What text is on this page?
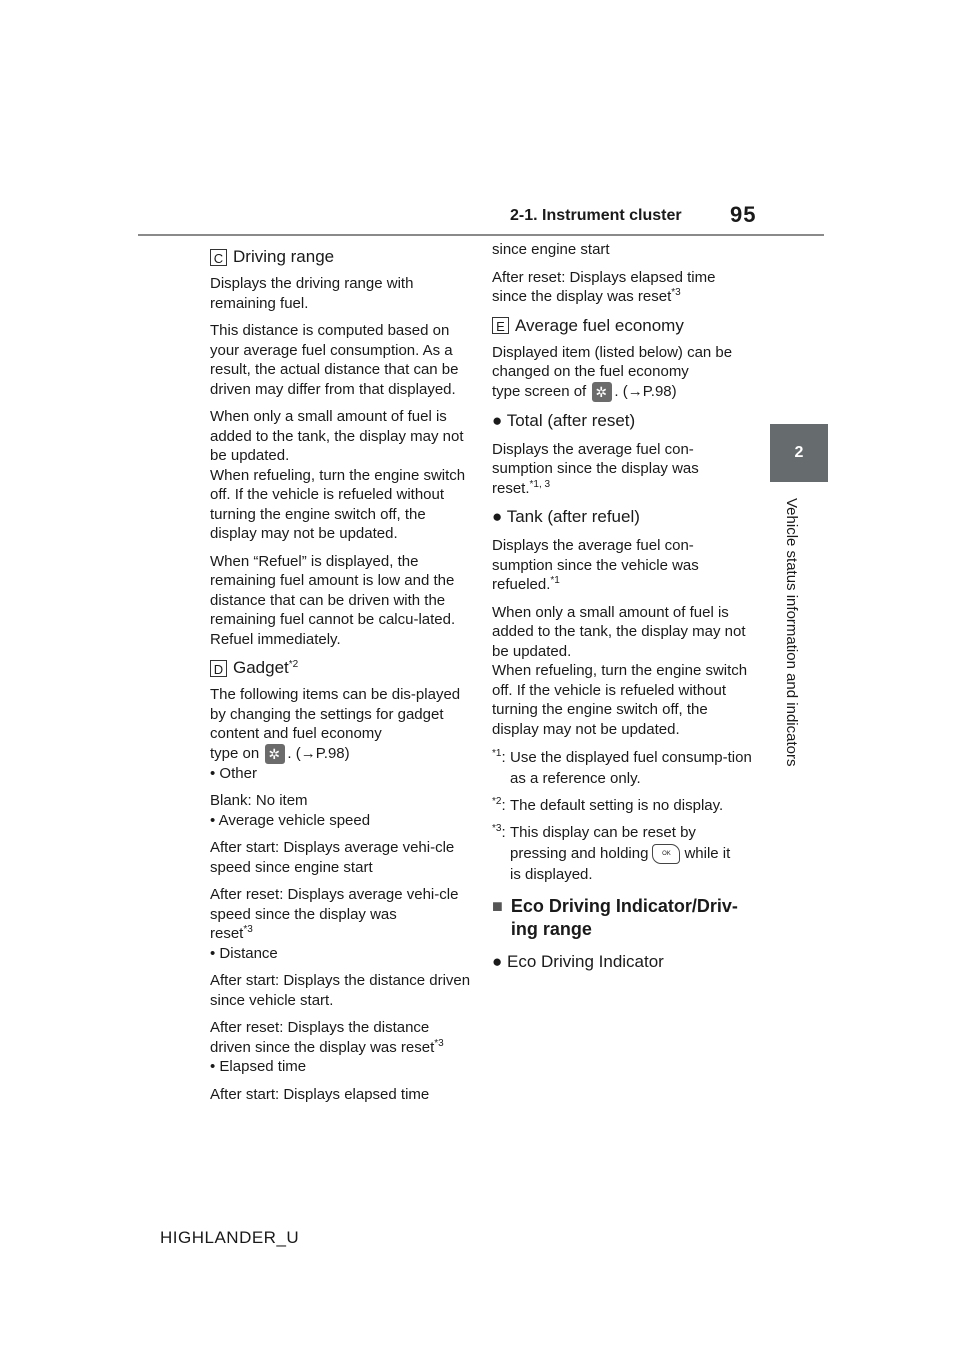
2-1. Instrument cluster 95
2
Vehicle status information and indicators
C Driving range

Displays the driving range with remaining fuel.

This distance is computed based on your average fuel consumption. As a result, the actual distance that can be driven may differ from that displayed.

When only a small amount of fuel is added to the tank, the display may not be updated.
When refueling, turn the engine switch off. If the vehicle is refueled without turning the engine switch off, the display may not be updated.

When “Refuel” is displayed, the remaining fuel amount is low and the distance that can be driven with the remaining fuel cannot be calcu-lated.
Refuel immediately.

D Gadget$^{*2}$

The following items can be dis-played by changing the settings for gadget content and fuel economy
type on ✲ . (→P.98)
• Other

Blank: No item
• Average vehicle speed

After start: Displays average vehi-cle speed since engine start

After reset: Displays average vehi-cle speed since the display was
reset$^{*3}$
• Distance

After start: Displays the distance driven since vehicle start.

After reset: Displays the distance
driven since the display was reset$^{*3}$
• Elapsed time

After start: Displays elapsed time

since engine start

After reset: Displays elapsed time
since the display was reset$^{*3}$

E Average fuel economy

Displayed item (listed below) can be changed on the fuel economy
type screen of ✲ . (→P.98)

● Total (after reset)

Displays the average fuel con-sumption since the display was
reset.$^{*1, 3}$

● Tank (after refuel)

Displays the average fuel con-sumption since the vehicle was
refueled.$^{*1}$

When only a small amount of fuel is added to the tank, the display may not be updated.
When refueling, turn the engine switch off. If the vehicle is refueled without turning the engine switch off, the display may not be updated.

$^{*1}$: Use the displayed fuel consump-tion as a reference only.
$^{*2}$: The default setting is no display.
$^{*3}$: This display can be reset by
pressing and holding OK while it
is displayed.
■ Eco Driving Indicator/Driv-ing range
● Eco Driving Indicator
HIGHLANDER_U
